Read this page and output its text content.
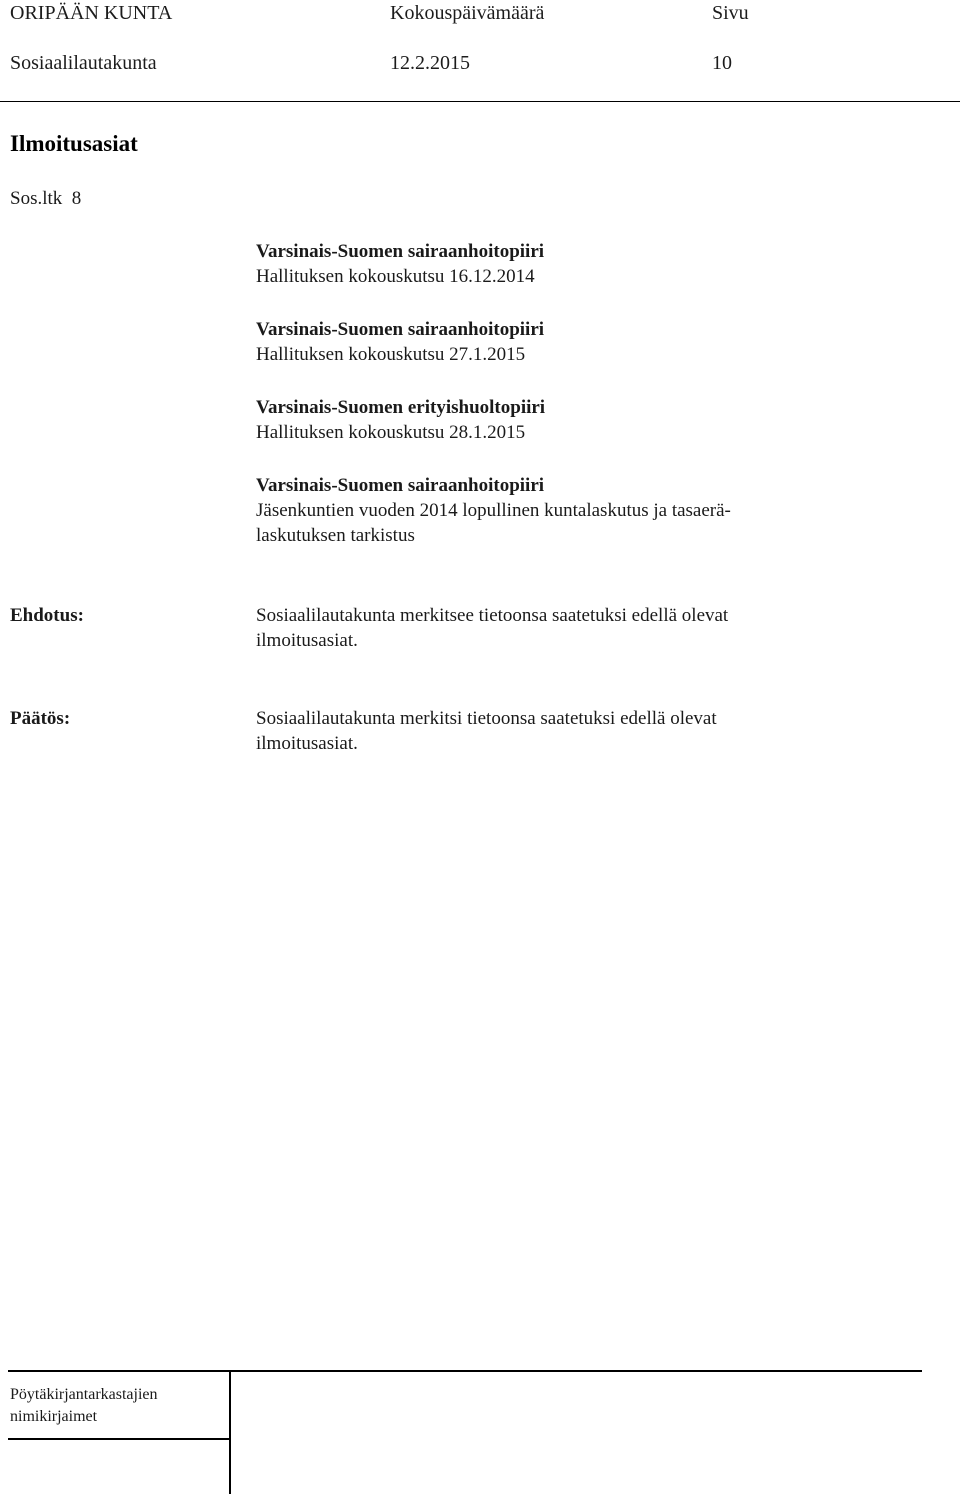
ORIPÄÄN KUNTA	Kokouspäivämäärä	Sivu
Sosiaalilautakunta	12.2.2015	10
Ilmoitusasiat
Sos.ltk  8
Varsinais-Suomen sairaanhoitopiiri
Hallituksen kokouskutsu 16.12.2014
Varsinais-Suomen sairaanhoitopiiri
Hallituksen kokouskutsu 27.1.2015
Varsinais-Suomen erityishuoltopiiri
Hallituksen kokouskutsu 28.1.2015
Varsinais-Suomen sairaanhoitopiiri
Jäsenkuntien vuoden 2014 lopullinen kuntalaskutus ja tasaerä-
laskutuksen tarkistus
Ehdotus:	Sosiaalilautakunta merkitsee tietoonsa saatetuksi edellä olevat
ilmoitusasiat.
Päätös:	Sosiaalilautakunta merkitsi tietoonsa saatetuksi edellä olevat
ilmoitusasiat.
Pöytäkirjantarkastajien
nimikirjaimet
